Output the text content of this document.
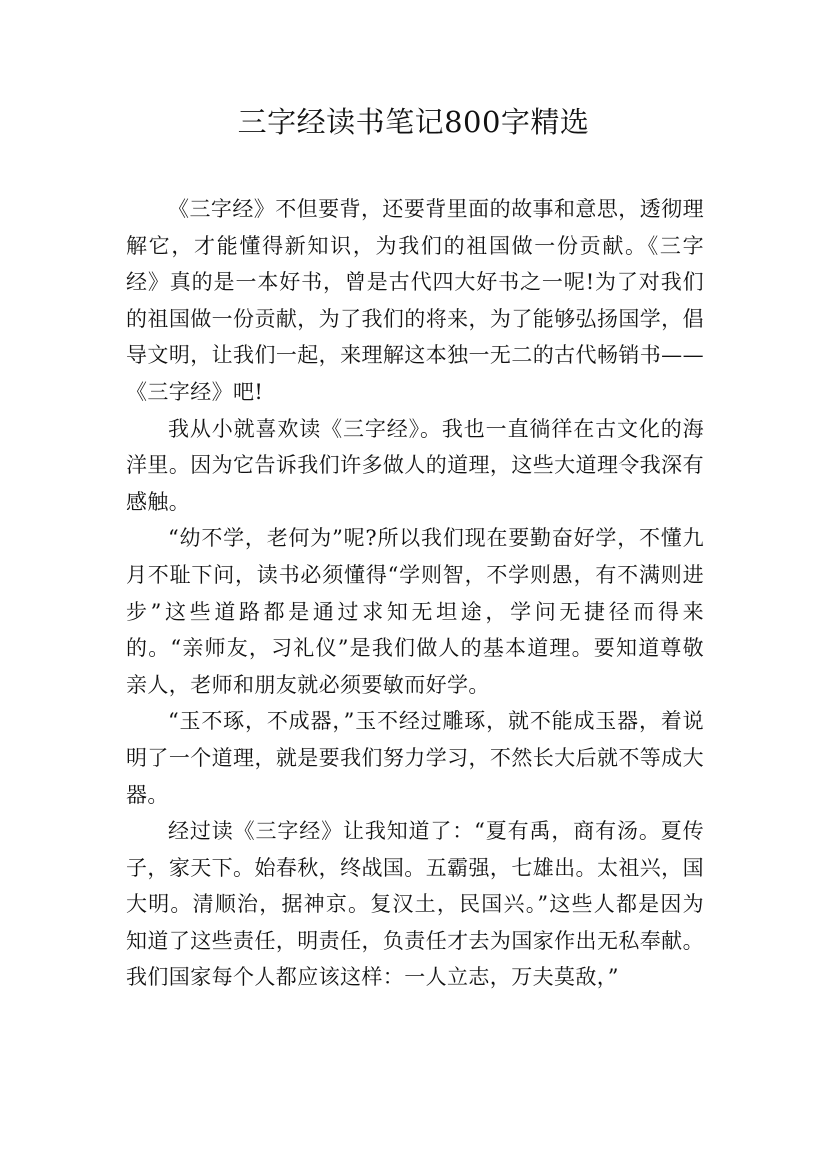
三字经读书笔记800字精选

《三字经》不但要背，还要背里面的故事和意思，透彻理解它，才能懂得新知识，为我们的祖国做一份贡献。《三字经》真的是一本好书，曾是古代四大好书之一呢!为了对我们的祖国做一份贡献，为了我们的将来，为了能够弘扬国学，倡导文明，让我们一起，来理解这本独一无二的古代畅销书——《三字经》吧!

我从小就喜欢读《三字经》。我也一直徜徉在古文化的海洋里。因为它告诉我们许多做人的道理，这些大道理令我深有感触。

“幼不学，老何为”呢?所以我们现在要勤奋好学，不懂九月不耻下问，读书必须懂得“学则智，不学则愚，有不满则进步”这些道路都是通过求知无坦途，学问无捷径而得来的。“亲师友，习礼仪”是我们做人的基本道理。要知道尊敬亲人，老师和朋友就必须要敏而好学。

“玉不琢，不成器，”玉不经过雕琢，就不能成玉器，着说明了一个道理，就是要我们努力学习，不然长大后就不等成大器。

经过读《三字经》让我知道了：“夏有禹，商有汤。夏传子，家天下。始春秋，终战国。五霸强，七雄出。太祖兴，国大明。清顺治，据神京。复汉土，民国兴。”这些人都是因为知道了这些责任，明责任，负责任才去为国家作出无私奉献。我们国家每个人都应该这样：一人立志，万夫莫敌，”
